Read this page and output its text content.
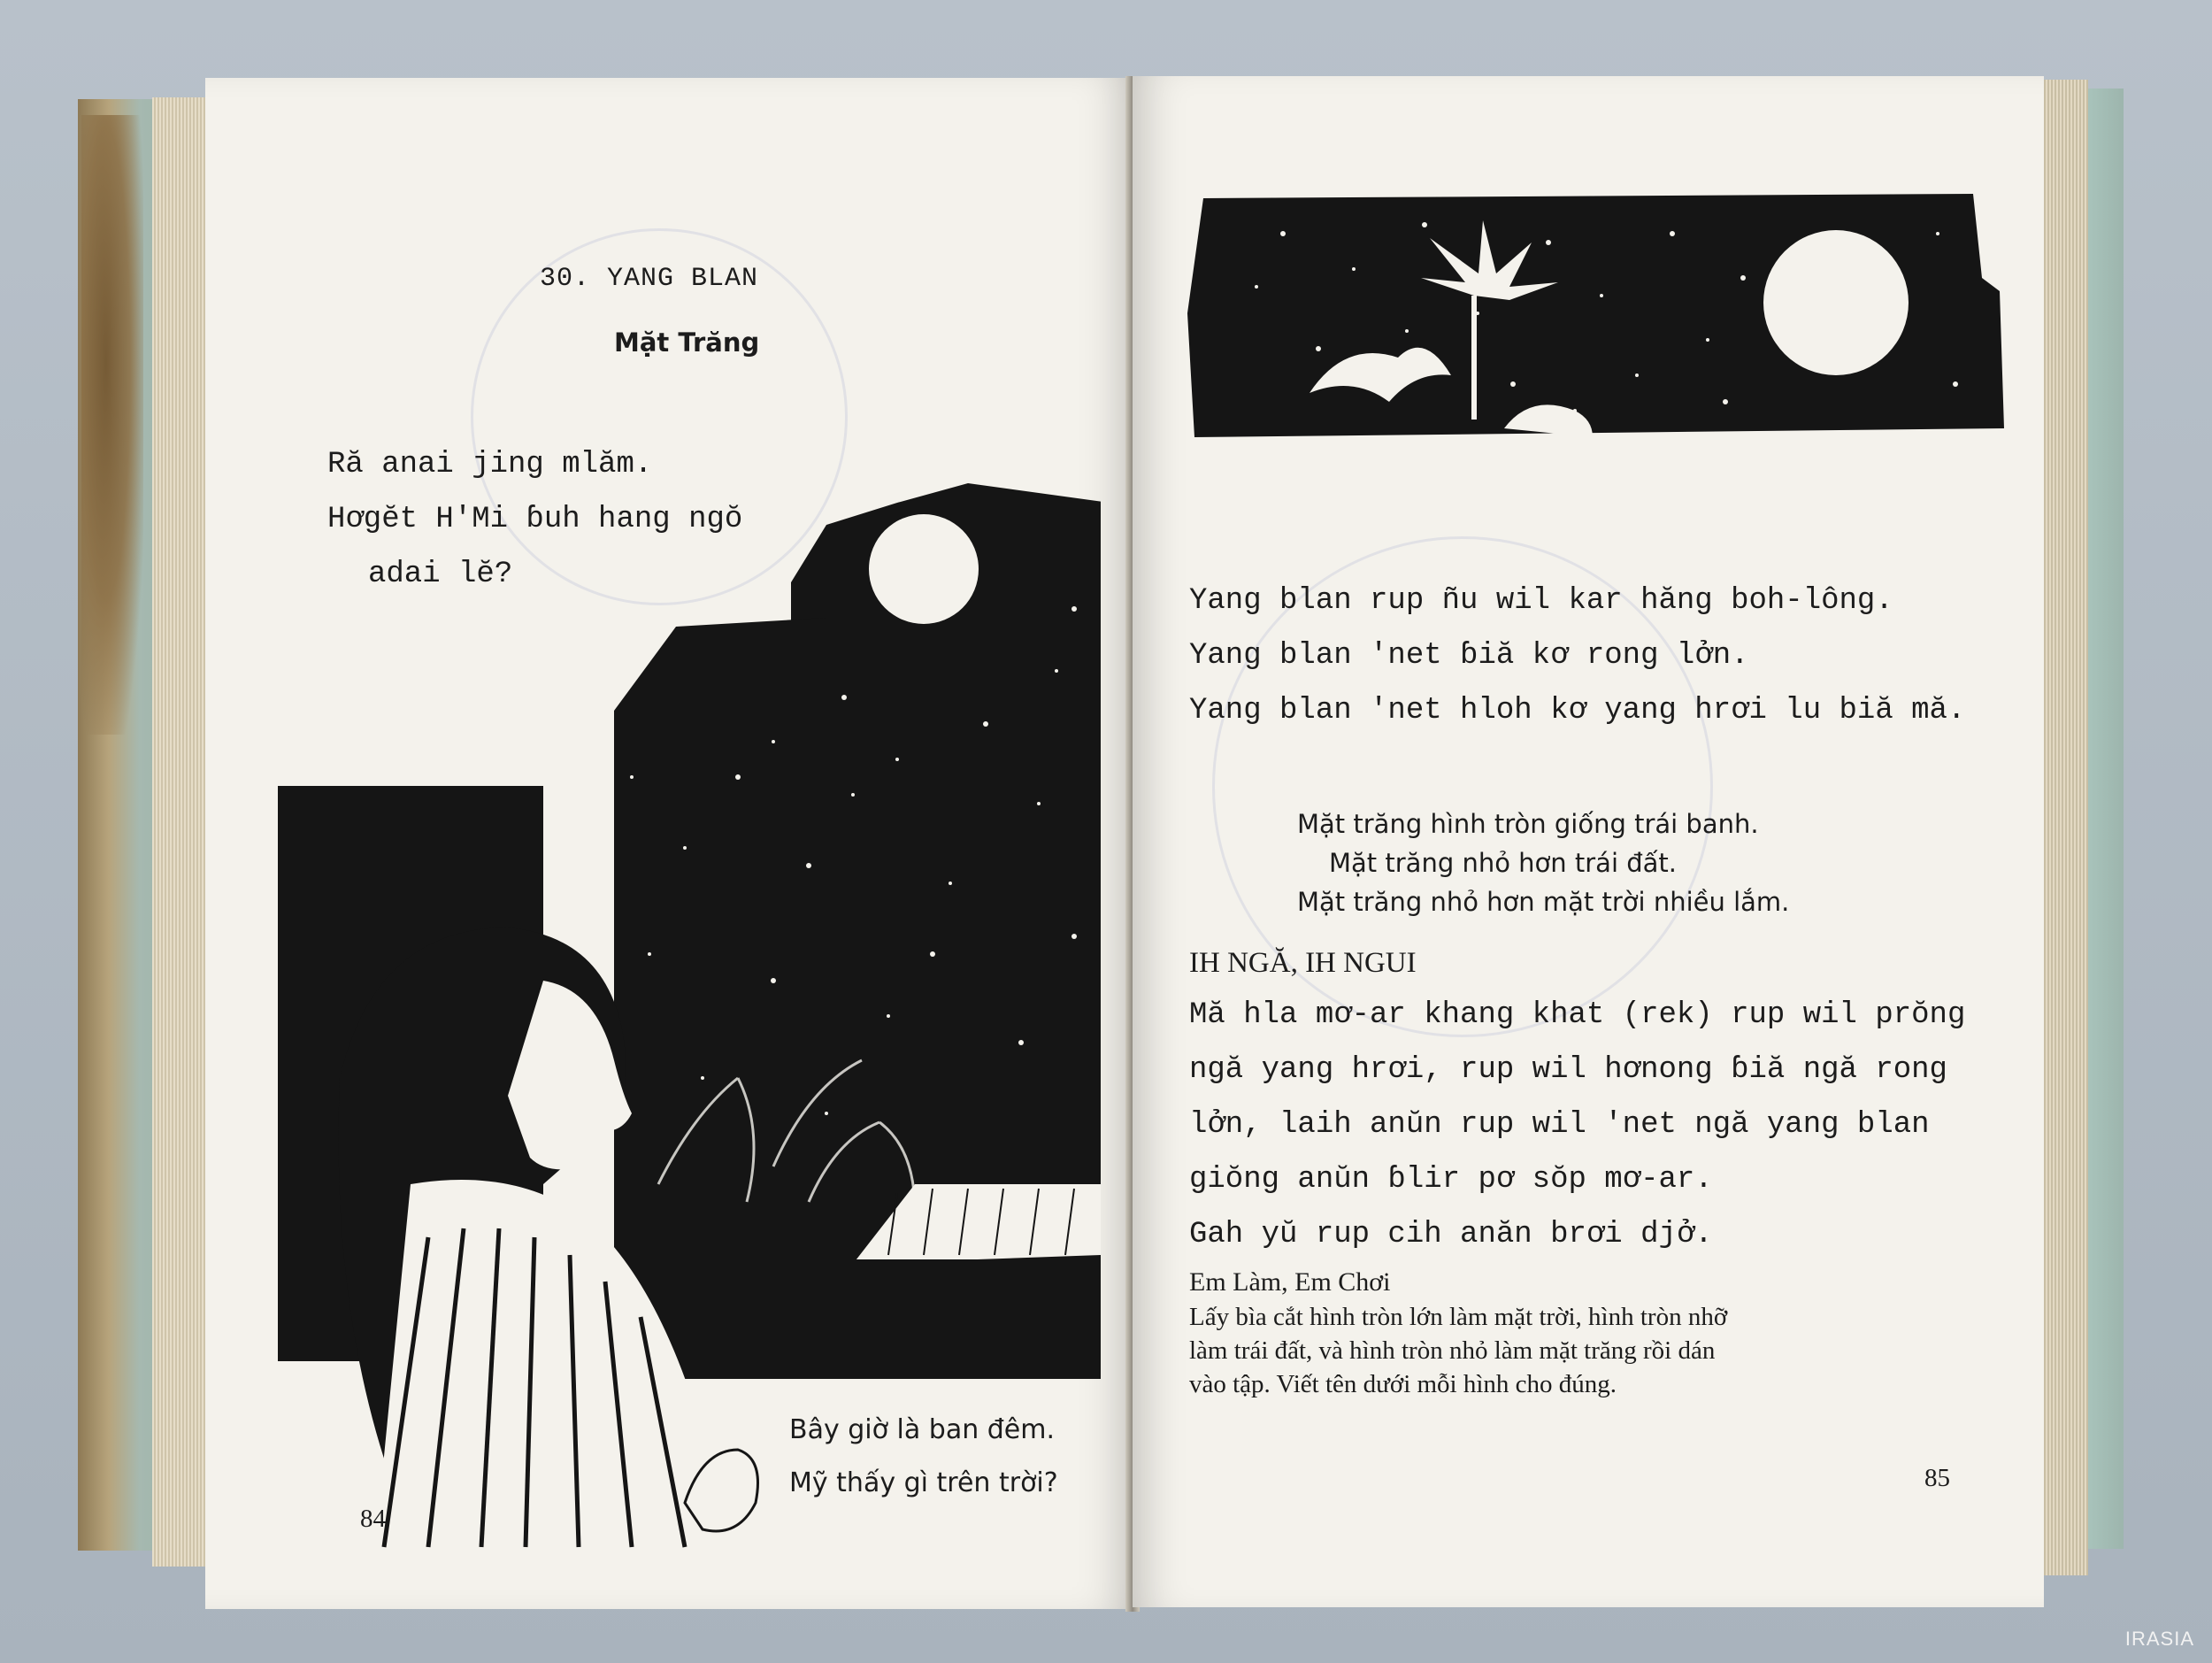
30. YANG BLAN
Mặt Trăng
Ră anai jing mlăm.
Hơgĕt H'Mi ɓuh hang ngŏ
adai lĕ?
Bây giờ là ban đêm.
Mỹ thấy gì trên trời?
84
Yang blan rup ñu wil kar hăng boh-lông.
Yang blan 'net ɓiă kơ rong lởn.
Yang blan 'net hloh kơ yang hrơi lu biă mă.
Mặt trăng hình tròn giống trái banh.
Mặt trăng nhỏ hơn trái đất.
Mặt trăng nhỏ hơn mặt trời nhiều lắm.
IH NGĂ, IH NGUI
Mă hla mơ-ar khang khat (rek) rup wil prŏng
ngă yang hrơi, rup wil hơnong ɓiă ngă rong
lởn, laih anŭn rup wil 'net ngă yang blan
giŏng anŭn ɓlir pơ sŏp mơ-ar.
Gah yŭ rup cih anăn brơi djở.
Em Làm, Em Chơi
Lấy bìa cắt hình tròn lớn làm mặt trời, hình tròn nhỡ
làm trái đất, và hình tròn nhỏ làm mặt trăng rồi dán
vào tập. Viết tên dưới mỗi hình cho đúng.
85
IRASIA
